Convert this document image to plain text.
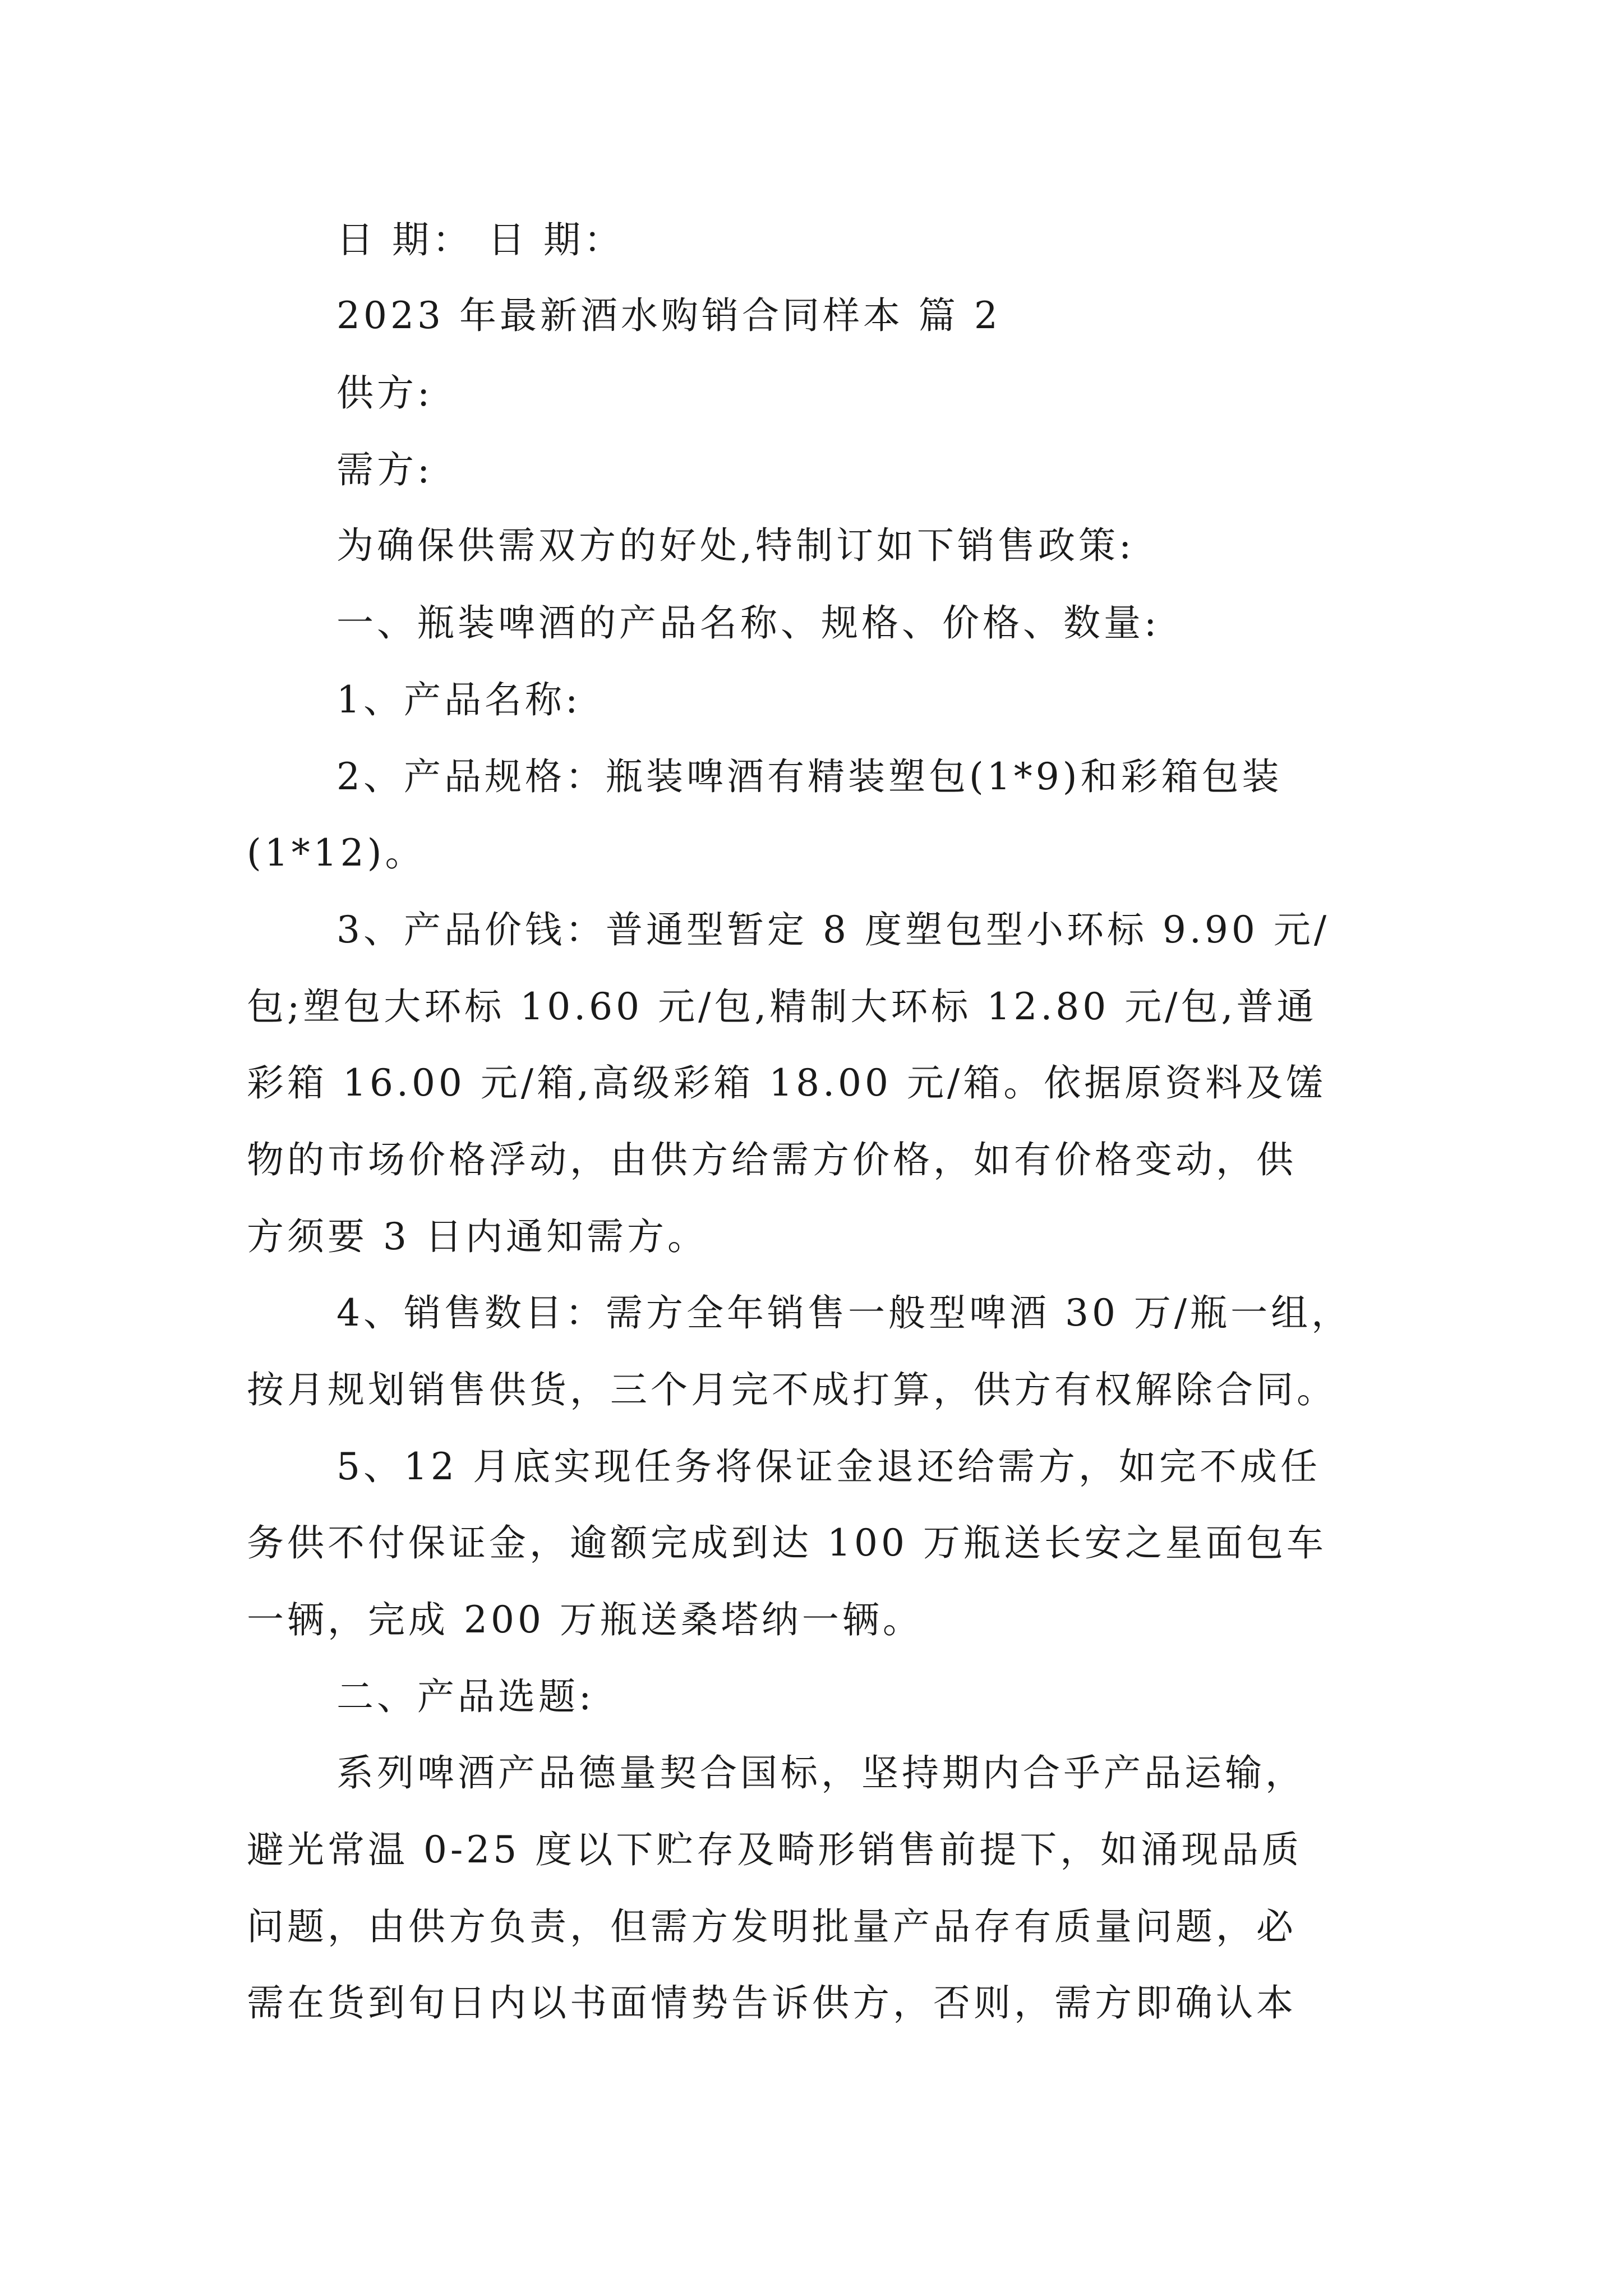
日 期： 日 期：
2023 年最新酒水购销合同样本 篇 2
供方:
需方:
为确保供需双方的好处,特制订如下销售政策:
一、瓶装啤酒的产品名称、规格、价格、数量:
1、产品名称:
2、产品规格：瓶装啤酒有精装塑包(1*9)和彩箱包装
(1*12)。
3、产品价钱：普通型暂定 8 度塑包型小环标 9.90 元/
包;塑包大环标 10.60 元/包,精制大环标 12.80 元/包,普通
彩箱 16.00 元/箱,高级彩箱 18.00 元/箱。依据原资料及馐
物的市场价格浮动，由供方给需方价格，如有价格变动，供
方须要 3 日内通知需方。
4、销售数目：需方全年销售一般型啤酒 30 万/瓶一组，
按月规划销售供货，三个月完不成打算，供方有权解除合同。
5、12 月底实现任务将保证金退还给需方，如完不成任
务供不付保证金，逾额完成到达 100 万瓶送长安之星面包车
一辆，完成 200 万瓶送桑塔纳一辆。
二、产品选题:
系列啤酒产品德量契合国标，坚持期内合乎产品运输，
避光常温 0-25 度以下贮存及畸形销售前提下，如涌现品质
问题，由供方负责，但需方发明批量产品存有质量问题，必
需在货到旬日内以书面情势告诉供方，否则，需方即确认本
